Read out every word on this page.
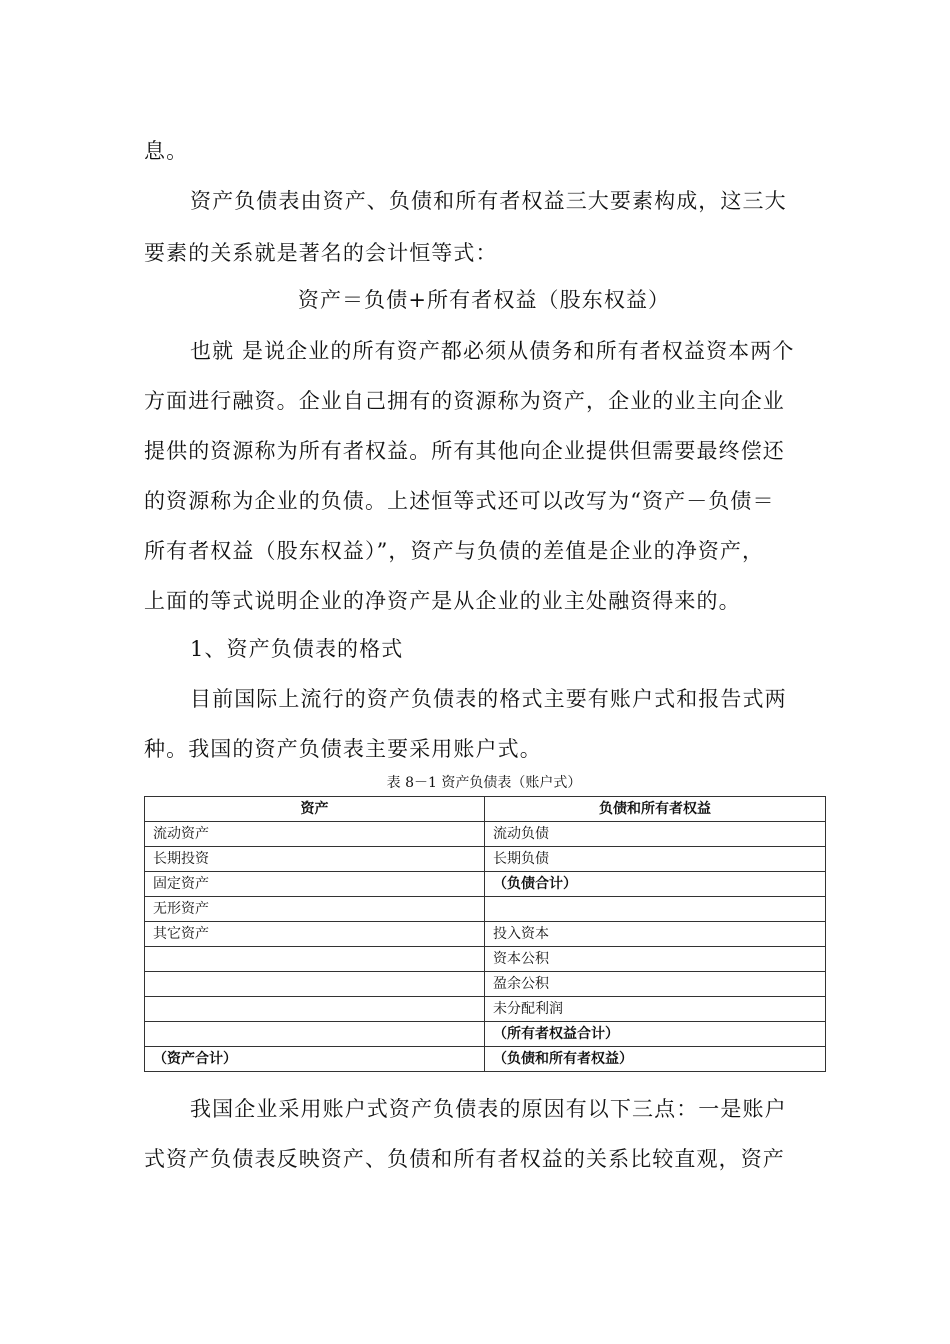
息。
资产负债表由资产、负债和所有者权益三大要素构成，这三大
要素的关系就是著名的会计恒等式：
资产＝负债+所有者权益（股东权益）
也就 是说企业的所有资产都必须从债务和所有者权益资本两个
方面进行融资。企业自己拥有的资源称为资产，企业的业主向企业
提供的资源称为所有者权益。所有其他向企业提供但需要最终偿还
的资源称为企业的负债。上述恒等式还可以改写为“资产－负债＝
所有者权益（股东权益）”，资产与负债的差值是企业的净资产，
上面的等式说明企业的净资产是从企业的业主处融资得来的。
1、资产负债表的格式
目前国际上流行的资产负债表的格式主要有账户式和报告式两
种。我国的资产负债表主要采用账户式。
表 8－1 资产负债表（账户式）
资产	负债和所有者权益
流动资产	流动负债
长期投资	长期负债
固定资产	（负债合计）
无形资产	
其它资产	投入资本
	资本公积
	盈余公积
	未分配利润
	（所有者权益合计）
（资产合计）	（负债和所有者权益）
我国企业采用账户式资产负债表的原因有以下三点：一是账户
式资产负债表反映资产、负债和所有者权益的关系比较直观，资产
